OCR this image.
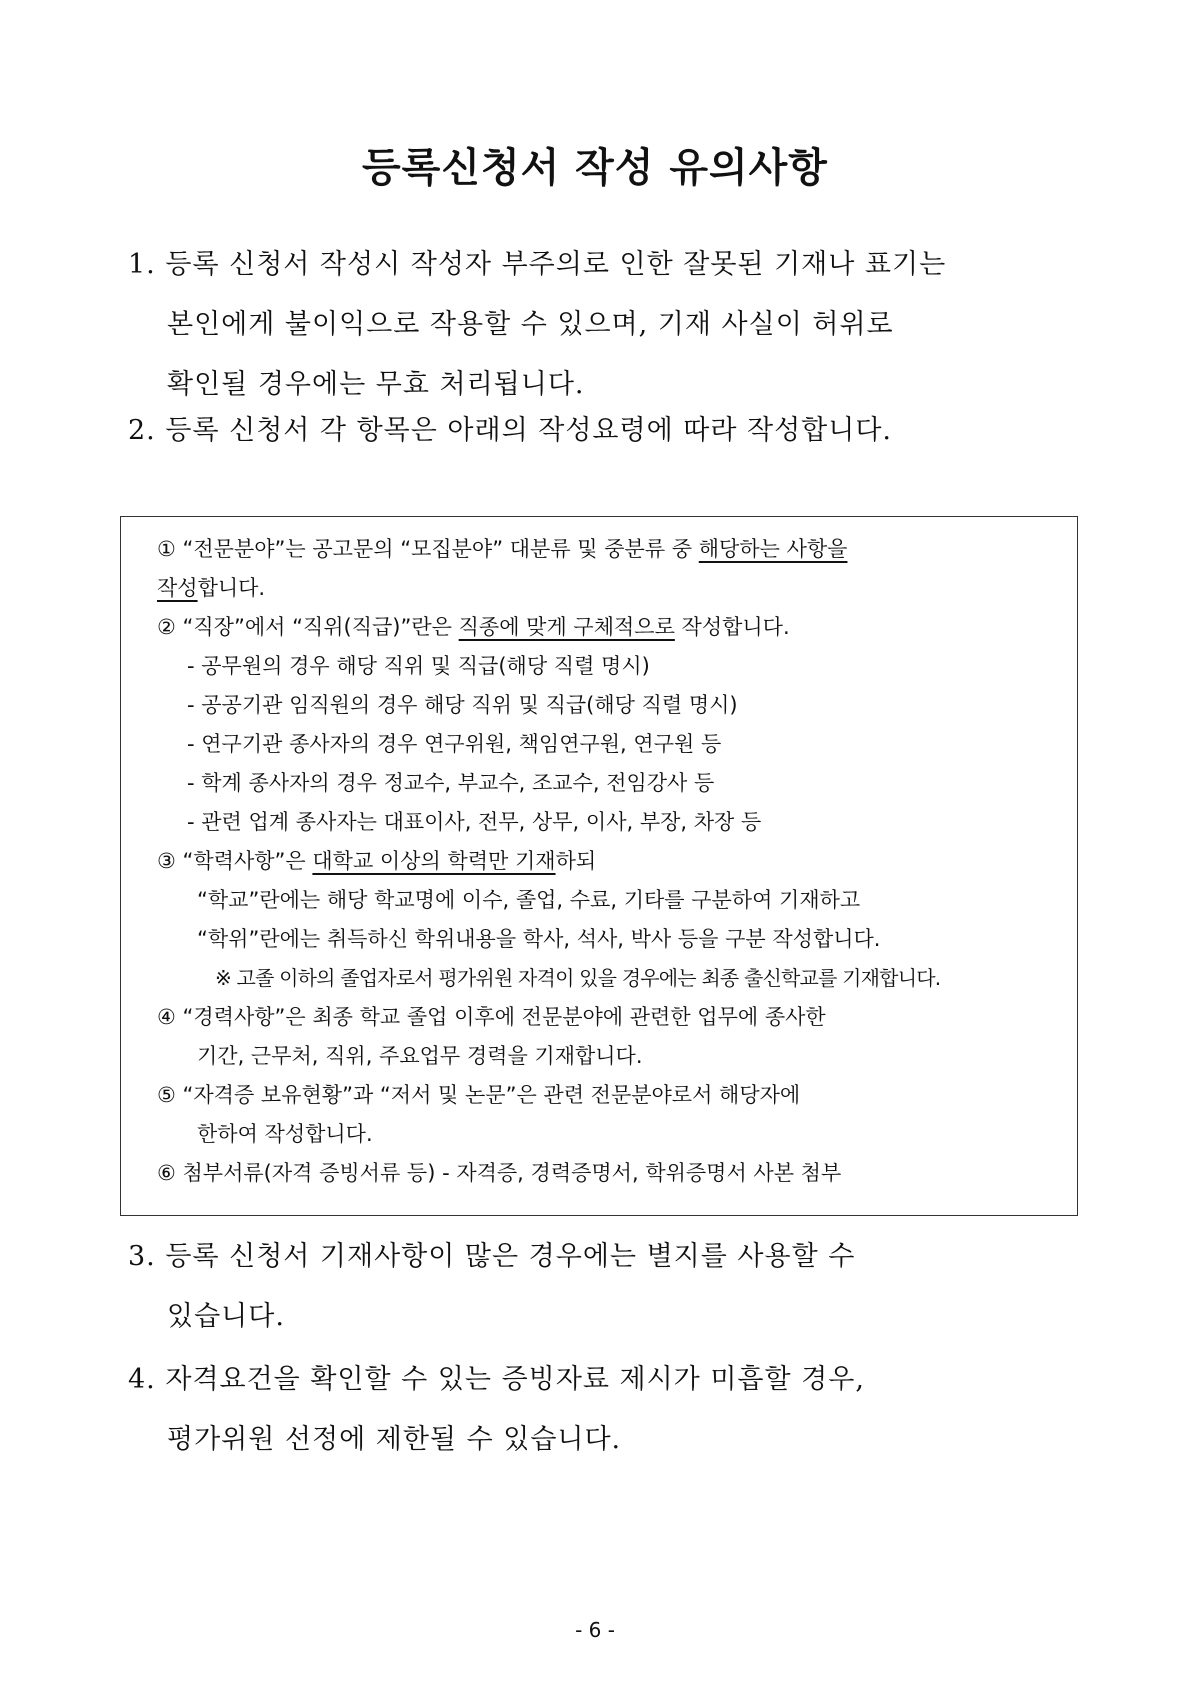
등록신청서 작성 유의사항
1. 등록 신청서 작성시 작성자 부주의로 인한 잘못된 기재나 표기는
본인에게 불이익으로 작용할 수 있으며, 기재 사실이 허위로
확인될 경우에는 무효 처리됩니다.
2. 등록 신청서 각 항목은 아래의 작성요령에 따라 작성합니다.
① “전문분야”는 공고문의 “모집분야” 대분류 및 중분류 중 해당하는 사항을
작성합니다.
② “직장”에서 “직위(직급)”란은 직종에 맞게 구체적으로 작성합니다.
- 공무원의 경우 해당 직위 및 직급(해당 직렬 명시)
- 공공기관 임직원의 경우 해당 직위 및 직급(해당 직렬 명시)
- 연구기관 종사자의 경우 연구위원, 책임연구원, 연구원 등
- 학계 종사자의 경우 정교수, 부교수, 조교수, 전임강사 등
- 관련 업계 종사자는 대표이사, 전무, 상무, 이사, 부장, 차장 등
③ “학력사항”은 대학교 이상의 학력만 기재하되
“학교”란에는 해당 학교명에 이수, 졸업, 수료, 기타를 구분하여 기재하고
“학위”란에는 취득하신 학위내용을 학사, 석사, 박사 등을 구분 작성합니다.
※ 고졸 이하의 졸업자로서 평가위원 자격이 있을 경우에는 최종 출신학교를 기재합니다.
④ “경력사항”은 최종 학교 졸업 이후에 전문분야에 관련한 업무에 종사한
기간, 근무처, 직위, 주요업무 경력을 기재합니다.
⑤ “자격증 보유현황”과 “저서 및 논문”은 관련 전문분야로서 해당자에
한하여 작성합니다.
⑥ 첨부서류(자격 증빙서류 등) - 자격증, 경력증명서, 학위증명서 사본 첨부
3. 등록 신청서 기재사항이 많은 경우에는 별지를 사용할 수
있습니다.
4. 자격요건을 확인할 수 있는 증빙자료 제시가 미흡할 경우,
평가위원 선정에 제한될 수 있습니다.
- 6 -
